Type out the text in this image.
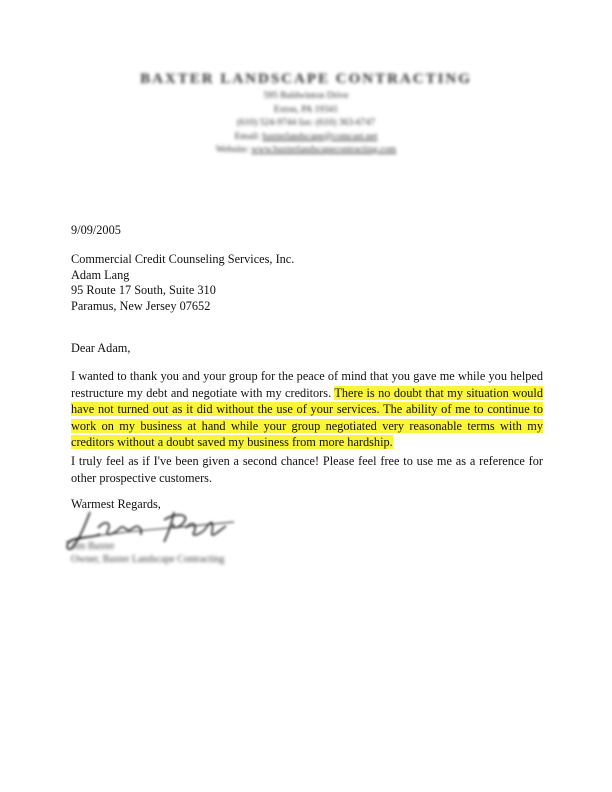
BAXTER LANDSCAPE CONTRACTING
595 Baldwinton Drive
Exton, PA 19341
(610) 524-9744 fax: (610) 363-6747
Email: baxterlandscape@comcast.net
Website: www.baxterlandscapecontracting.com
9/09/2005
Commercial Credit Counseling Services, Inc.
Adam Lang
95 Route 17 South, Suite 310
Paramus, New Jersey 07652
Dear Adam,
I wanted to thank you and your group for the peace of mind that you gave me while you helped restructure my debt and negotiate with my creditors. There is no doubt that my situation would have not turned out as it did without the use of your services. The ability of me to continue to work on my business at hand while your group negotiated very reasonable terms with my creditors without a doubt saved my business from more hardship.
I truly feel as if I've been given a second chance! Please feel free to use me as a reference for other prospective customers.
Warmest Regards,
Jim Baxter
Owner, Baxter Landscape Contracting
